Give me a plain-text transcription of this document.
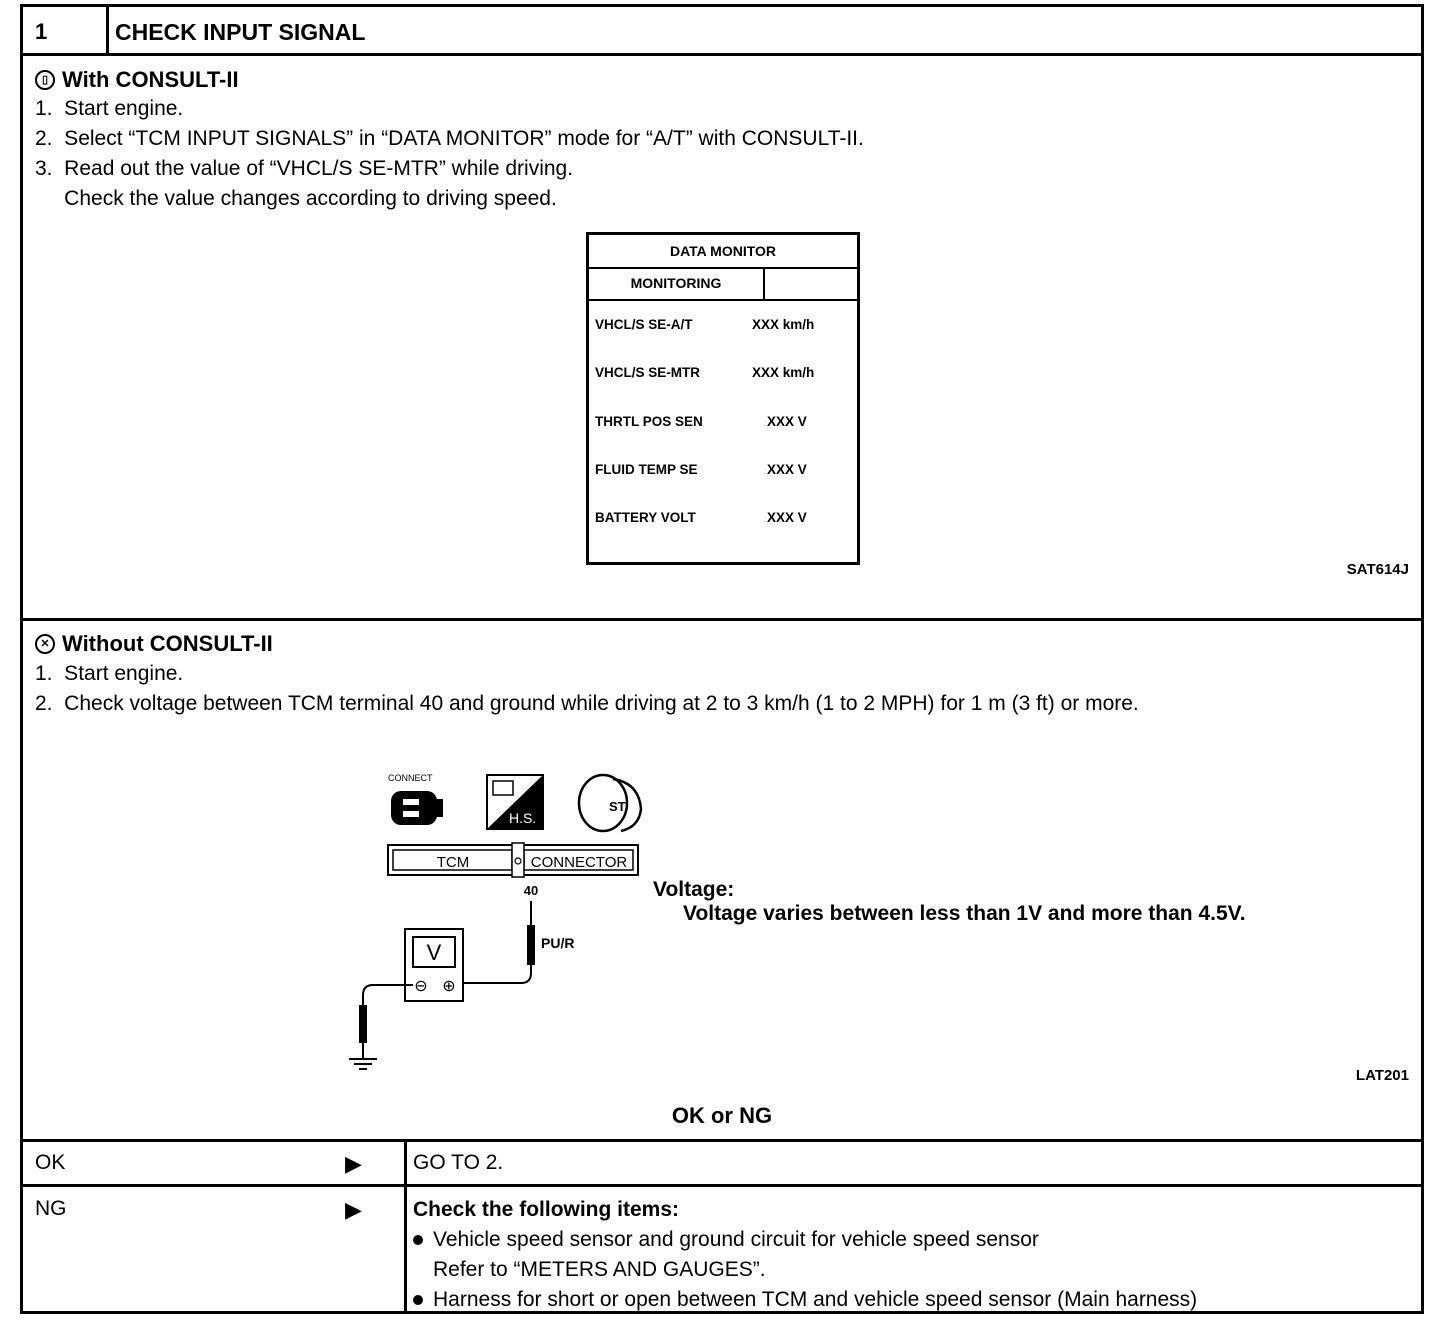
1	CHECK INPUT SIGNAL
▯ With CONSULT-II
1.  Start engine.
2.  Select “TCM INPUT SIGNALS” in “DATA MONITOR” mode for “A/T” with CONSULT-II.
3.  Read out the value of “VHCL/S SE-MTR” while driving.
Check the value changes according to driving speed.
DATA MONITOR
MONITORING
VHCL/S SE-A/T	XXX km/h
VHCL/S SE-MTR	XXX km/h
THRTL POS SEN	XXX V
FLUID TEMP SE	XXX V
BATTERY VOLT	XXX V
SAT614J
✕ Without CONSULT-II
1.  Start engine.
2.  Check voltage between TCM terminal 40 and ground while driving at 2 to 3 km/h (1 to 2 MPH) for 1 m (3 ft) or more.
CONNECT
H.S.
ST
TCM	CONNECTOR
40
PU/R
V
⊖ ⊕
Voltage:
Voltage varies between less than 1V and more than 4.5V.
LAT201
OK or NG
OK	▶ GO TO 2.
NG	▶ Check the following items:
Vehicle speed sensor and ground circuit for vehicle speed sensor
Refer to “METERS AND GAUGES”.
Harness for short or open between TCM and vehicle speed sensor (Main harness)
